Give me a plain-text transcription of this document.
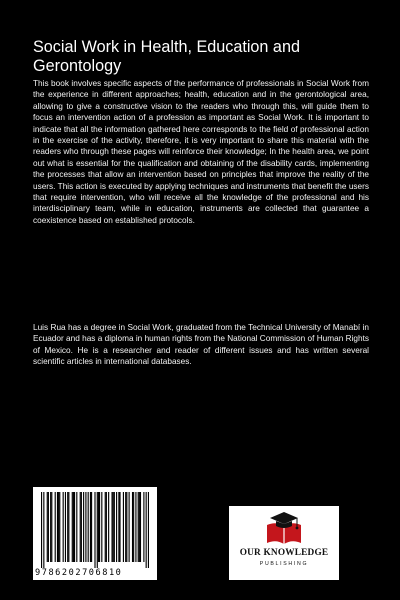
Social Work in Health, Education and Gerontology

This book involves specific aspects of the performance of professionals in Social Work from the experience in different approaches; health, education and in the gerontological area, allowing to give a constructive vision to the readers who through this, will guide them to focus an intervention action of a profession as important as Social Work. It is important to indicate that all the information gathered here corresponds to the field of professional action in the exercise of the activity, therefore, it is very important to share this material with the readers who through these pages will reinforce their knowledge; In the health area, we point out what is essential for the qualification and obtaining of the disability cards, implementing the processes that allow an intervention based on principles that improve the reality of the users. This action is executed by applying techniques and instruments that benefit the users that require intervention, who will receive all the knowledge of the professional and his interdisciplinary team, while in education, instruments are collected that guarantee a coexistence based on established protocols.

Luis Rua has a degree in Social Work, graduated from the Technical University of Manabí in Ecuador and has a diploma in human rights from the National Commission of Human Rights of Mexico. He is a researcher and reader of different issues and has written several scientific articles in international databases.

9786202706810
OUR KNOWLEDGE
PUBLISHING
